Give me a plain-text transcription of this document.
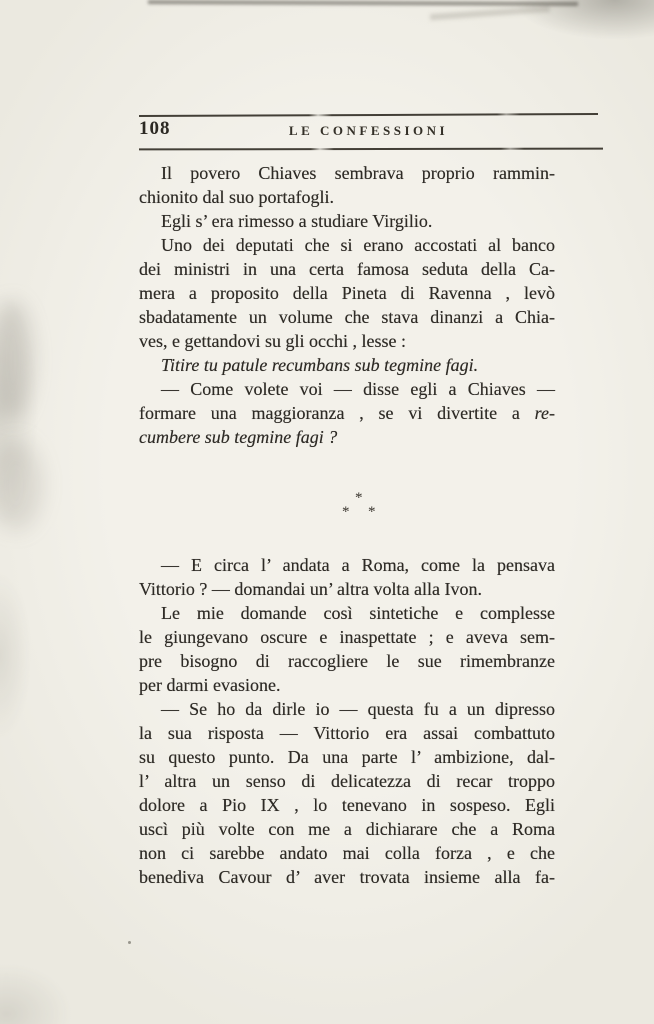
108	LE CONFESSIONI
Il povero Chiaves sembrava proprio rammin-
chionito dal suo portafogli.
Egli s’ era rimesso a studiare Virgilio.
Uno dei deputati che si erano accostati al banco
dei ministri in una certa famosa seduta della Ca-
mera a proposito della Pineta di Ravenna , levò
sbadatamente un volume che stava dinanzi a Chia-
ves, e gettandovi su gli occhi , lesse :
Titire tu patule recumbans sub tegmine fagi.
— Come volete voi — disse egli a Chiaves —
formare una maggioranza , se vi divertite a re-
cumbere sub tegmine fagi ?
*
* *
— E circa l’ andata a Roma, come la pensava
Vittorio ? — domandai un’ altra volta alla Ivon.
Le mie domande così sintetiche e complesse
le giungevano oscure e inaspettate ; e aveva sem-
pre bisogno di raccogliere le sue rimembranze
per darmi evasione.
— Se ho da dirle io — questa fu a un dipresso
la sua risposta — Vittorio era assai combattuto
su questo punto. Da una parte l’ ambizione, dal-
l’ altra un senso di delicatezza di recar troppo
dolore a Pio IX , lo tenevano in sospeso. Egli
uscì più volte con me a dichiarare che a Roma
non ci sarebbe andato mai colla forza , e che
benediva Cavour d’ aver trovata insieme alla fa-
